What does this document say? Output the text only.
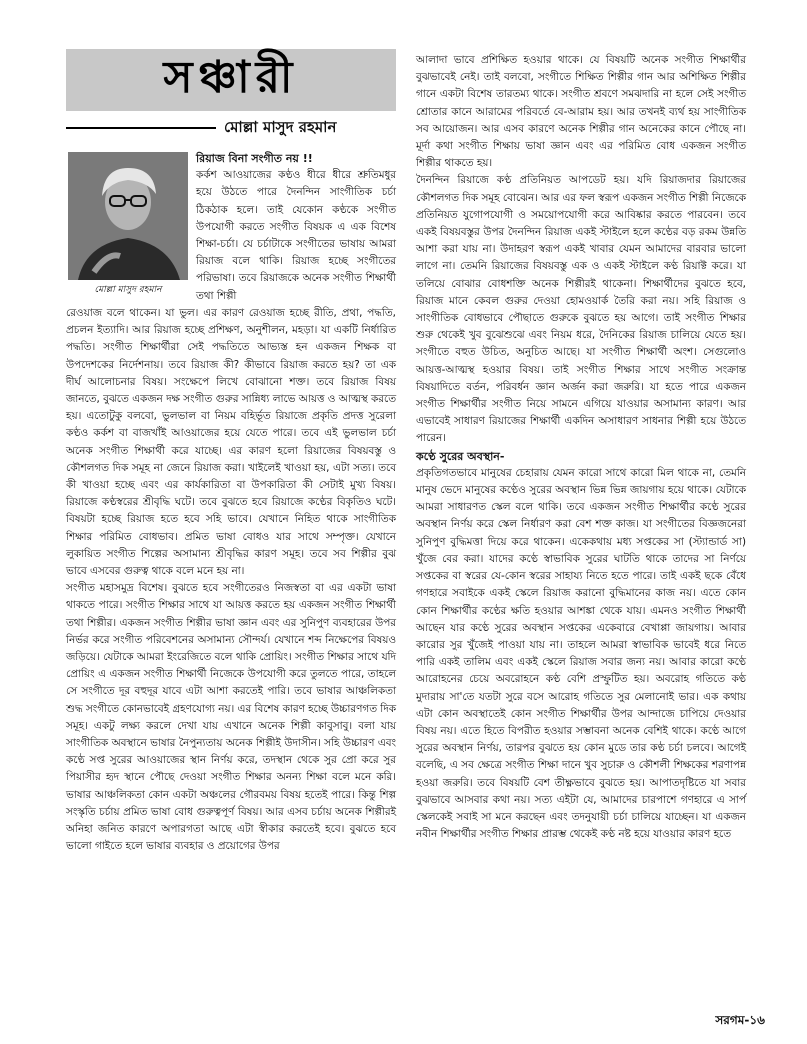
সঞ্চারী
মোল্লা মাসুদ রহমান
মোল্লা মাসুদ রহমান

রিয়াজ বিনা সংগীত নয় !!

কর্কশ আওয়াজের কণ্ঠও ধীরে ধীরে শ্রুতিমধুর হয়ে উঠতে পারে দৈনন্দিন সাংগীতিক চর্চা ঠিকঠাক হলে। তাই যেকোন কণ্ঠকে সংগীত উপযোগী করতে সংগীত বিষয়ক এ এক বিশেষ শিক্ষা-চর্চা। যে চর্চাটাকে সংগীতের ভাষায় আমরা রিয়াজ বলে থাকি। রিয়াজ হচ্ছে সংগীতের পরিভাষা। তবে রিয়াজকে অনেক সংগীত শিক্ষার্থী তথা শিল্পী

রেওয়াজ বলে থাকেন। যা ভুল। এর কারণ রেওয়াজ হচ্ছে রীতি, প্রথা, পদ্ধতি, প্রচলন ইত্যাদি। আর রিয়াজ হচ্ছে প্রশিক্ষণ, অনুশীলন, মহড়া। যা একটি নির্ধারিত পদ্ধতি। সংগীত শিক্ষার্থীরা সেই পদ্ধতিতে আভ্যস্ত হন একজন শিক্ষক বা উপদেশকের নির্দেশনায়। তবে রিয়াজ কী? কীভাবে রিয়াজ করতে হয়? তা এক দীর্ঘ আলোচনার বিষয়। সংক্ষেপে লিখে বোঝানো শক্ত। তবে রিয়াজ বিষয় জানতে, বুঝতে একজন দক্ষ সংগীত গুরুর সান্নিধ্য লাভে আয়ত্ত ও আত্মস্থ করতে হয়। এতোটুকু বলবো, ভুলভাল বা নিয়ম বহির্ভূত রিয়াজে প্রকৃতি প্রদত্ত সুরেলা কণ্ঠও কর্কশ বা বাজখাঁই আওয়াজের হয়ে যেতে পারে। তবে এই ভুলভাল চর্চা অনেক সংগীত শিক্ষার্থী করে যাচ্ছে। এর কারণ হলো রিয়াজের বিষয়বস্তু ও কৌশলগত দিক সমূহ না জেনে রিয়াজ করা। খাইলেই খাওয়া হয়, এটা সত্য। তবে কী খাওয়া হচ্ছে এবং এর কার্যকারিতা বা উপকারিতা কী সেটাই মুখ্য বিষয়। রিয়াজে কণ্ঠস্বরের শ্রীবৃদ্ধি ঘটে। তবে বুঝতে হবে রিয়াজে কণ্ঠের বিকৃতিও ঘটে। বিষয়টা হচ্ছে রিয়াজ হতে হবে সহি ভাবে। যেখানে নিহিত থাকে সাংগীতিক শিক্ষার পরিমিত বোধভাব। প্রমিত ভাষা বোধও যার সাথে সম্পৃক্ত। যেখানে লুকায়িত সংগীত শিল্পের অসামান্য শ্রীবৃদ্ধির কারণ সমূহ। তবে সব শিল্পীর বুঝ ভাবে এসবের গুরুত্ব থাকে বলে মনে হয় না।

সংগীত মহাসমুদ্র বিশেষ। বুঝতে হবে সংগীতেরও নিজস্বতা বা এর একটা ভাষা থাকতে পারে। সংগীত শিক্ষার সাথে যা আয়ত্ত করতে হয় একজন সংগীত শিক্ষার্থী তথা শিল্পীর। একজন সংগীত শিল্পীর ভাষা জ্ঞান এবং এর সুনিপুণ ব্যবহারের উপর নির্ভর করে সংগীত পরিবেশনের অসামান্য সৌন্দর্য। যেখানে শব্দ নিক্ষেপের বিষয়ও জড়িয়ে। যেটাকে আমরা ইংরেজিতে বলে থাকি প্রোয়িং। সংগীত শিক্ষার সাথে যদি প্রোয়িং এ একজন সংগীত শিক্ষার্থী নিজেকে উপযোগী করে তুলতে পারে, তাহলে সে সংগীতে দূর বহুদূর যাবে এটা আশা করতেই পারি। তবে ভাষার আঞ্চলিকতা শুদ্ধ সংগীতে কোনভাবেই গ্রহণযোগ্য নয়। এর বিশেষ কারণ হচ্ছে উচ্চারণগত দিক সমূহ। একটু লক্ষ্য করলে দেখা যায় এখানে অনেক শিল্পী কাবুসাবু। বলা যায় সাংগীতিক অবস্থানে ভাষার নৈপুন্যতায় অনেক শিল্পীই উদাসীন। সহি উচ্চারণ এবং কণ্ঠে সপ্ত সুরের আওয়াজের স্থান নির্ণয় করে, তদস্থান থেকে সুর প্রো করে সুর পিয়াসীর হৃদ স্থানে পৌছে দেওয়া সংগীত শিক্ষার অনন্য শিক্ষা বলে মনে করি। ভাষার আঞ্চলিকতা কোন একটা অঞ্চলের গৌরবময় বিষয় হতেই পারে। কিন্তু শিল্প সংস্কৃতি চর্চায় প্রমিত ভাষা বোধ গুরুত্বপূর্ণ বিষয়। আর এসব চর্চায় অনেক শিল্পীরই অনিহা জনিত কারণে অপারগতা আছে এটা স্বীকার করতেই হবে। বুঝতে হবে ভালো গাইতে হলে ভাষার ব্যবহার ও প্রয়োগের উপর

আলাদা ভাবে প্রশিক্ষিত হওয়ার থাকে। যে বিষয়টি অনেক সংগীত শিক্ষার্থীর বুঝভাবেই নেই। তাই বলবো, সংগীতে শিক্ষিত শিল্পীর গান আর অশিক্ষিত শিল্পীর গানে একটা বিশেষ তারতম্য থাকে। সংগীত শ্রবণে সমঝদারি না হলে সেই সংগীত শ্রোতার কানে আরামের পরিবর্তে বে-আরাম হয়। আর তখনই ব্যর্থ হয় সাংগীতিক সব আয়োজন। আর এসব কারণে অনেক শিল্পীর গান অনেকের কানে পৌছে না। মূর্দা কথা সংগীত শিক্ষায় ভাষা জ্ঞান এবং এর পরিমিত বোধ একজন সংগীত শিল্পীর থাকতে হয়।

দৈনন্দিন রিয়াজে কণ্ঠ প্রতিনিয়ত আপডেট হয়। যদি রিয়াজদার রিয়াজের কৌশলগত দিক সমূহ বোঝেন। আর এর ফল স্বরূপ একজন সংগীত শিল্পী নিজেকে প্রতিনিয়ত যুগোপযোগী ও সময়োপযোগী করে আবিষ্কার করতে পারবেন। তবে একই বিষয়বস্তুর উপর দৈনন্দিন রিয়াজ একই স্টাইলে হলে কণ্ঠের বড় রকম উন্নতি আশা করা যায় না। উদাহরণ স্বরূপ একই খাবার যেমন আমাদের বারবার ভালো লাগে না। তেমনি রিয়াজের বিষয়বস্তু এক ও একই স্টাইলে কণ্ঠ রিয়াক্ট করে। যা তলিয়ে বোঝার বোধশক্তি অনেক শিল্পীরই থাকেনা। শিক্ষার্থীদের বুঝতে হবে, রিয়াজ মানে কেবল গুরুর দেওয়া হোমওয়ার্ক তৈরি করা নয়। সহি রিয়াজ ও সাংগীতিক বোধভাবে পৌছাতে গুরুকে বুঝতে হয় আগে। তাই সংগীত শিক্ষার শুরু থেকেই খুব বুঝেশুঝে এবং নিয়ম ধরে, দৈনিকের রিয়াজ চালিয়ে যেতে হয়। সংগীতে বহুত উচিত, অনুচিত আছে। যা সংগীত শিক্ষার্থী অংশ। সেগুলোও আয়ত্ত-আত্মস্থ হওয়ার বিষয়। তাই সংগীত শিক্ষার সাথে সংগীত সংক্রান্ত বিষয়াদিতে বর্তন, পরিবর্ধন জ্ঞান অর্জন করা জরুরি। যা হতে পারে একজন সংগীত শিক্ষার্থীর সংগীত নিয়ে সামনে এগিয়ে যাওয়ার অসামান্য কারণ। আর এভাবেই সাধারণ রিয়াজের শিক্ষার্থী একদিন অসাধারণ সাধনার শিল্পী হয়ে উঠতে পারেন।

কণ্ঠে সুরের অবস্থান-

প্রকৃতিগতভাবে মানুষের চেহারায় যেমন কারো সাথে কারো মিল থাকে না, তেমনি মানুষ ভেদে মানুষের কণ্ঠেও সুরের অবস্থান ভিন্ন ভিন্ন জায়গায় হয়ে থাকে। যেটাকে আমরা সাধারণত স্কেল বলে থাকি। তবে একজন সংগীত শিক্ষার্থীর কণ্ঠে সুরের অবস্থান নির্ণয় করে স্কেল নির্ধারণ করা বেশ শক্ত কাজ। যা সংগীতের বিজ্ঞজনেরা সুনিপুণ বুদ্ধিমত্তা দিয়ে করে থাকেন। একেকথায় মধ্য সপ্তকের সা (স্ট্যান্ডার্ড সা) খুঁজে বের করা। যাদের কণ্ঠে স্বাভাবিক সুরের ঘাটতি থাকে তাদের সা নির্ণয়ে সপ্তকের বা স্বরের যে-কোন স্বরের সাহায্য নিতে হতে পারে। তাই একই ছকে বেঁধে গণহারে সবাইকে একই স্কেলে রিয়াজ করানো বুদ্ধিমানের কাজ নয়। এতে কোন কোন শিক্ষার্থীর কণ্ঠের ক্ষতি হওয়ার আশঙ্কা থেকে যায়। এমনও সংগীত শিক্ষার্থী আছেন যার কণ্ঠে সুরের অবস্থান সপ্তকের একেবারে বেখাপ্পা জায়গায়। আবার কারোর সুর খুঁজেই পাওয়া যায় না। তাহলে আমরা স্বাভাবিক ভাবেই ধরে নিতে পারি একই তালিম এবং একই স্কেলে রিয়াজ সবার জন্য নয়। আবার কারো কণ্ঠে আরোহনের চেয়ে অবরোহনে কণ্ঠ বেশি প্রস্ফুটিত হয়। অবরোহ গতিতে কণ্ঠ মুদারায় সা'তে যতটা সুরে বসে আরোহ গতিতে সুর মেলানোই ভার। এক কথায় এটা কোন অবস্থাতেই কোন সংগীত শিক্ষার্থীর উপর আন্দাজে চাপিয়ে দেওয়ার বিষয় নয়। এতে হিতে বিপরীত হওয়ার সম্ভাবনা অনেক বেশিই থাকে। কণ্ঠে আগে সুরের অবস্থান নির্ণয়, তারপর বুঝতে হয় কোন মুডে তার কণ্ঠ চর্চা চলবে। আগেই বলেছি, এ সব ক্ষেত্রে সংগীত শিক্ষা দানে খুব সুচারু ও কৌশলী শিক্ষকের শরণাপন্ন হওয়া জরুরি। তবে বিষয়টি বেশ তীক্ষ্ণভাবে বুঝতে হয়। আপাতদৃষ্টিতে যা সবার বুঝভাবে আসবার কথা নয়। সত্য এইটা যে, আমাদের চারপাশে গণহারে এ সার্প স্কেলকেই সবাই সা মনে করছেন এবং তদনুযায়ী চর্চা চালিয়ে যাচ্ছেন। যা একজন নবীন শিক্ষার্থীর সংগীত শিক্ষার প্রারম্ভ থেকেই কণ্ঠ নষ্ট হয়ে যাওয়ার কারণ হতে

সরগম-১৬
